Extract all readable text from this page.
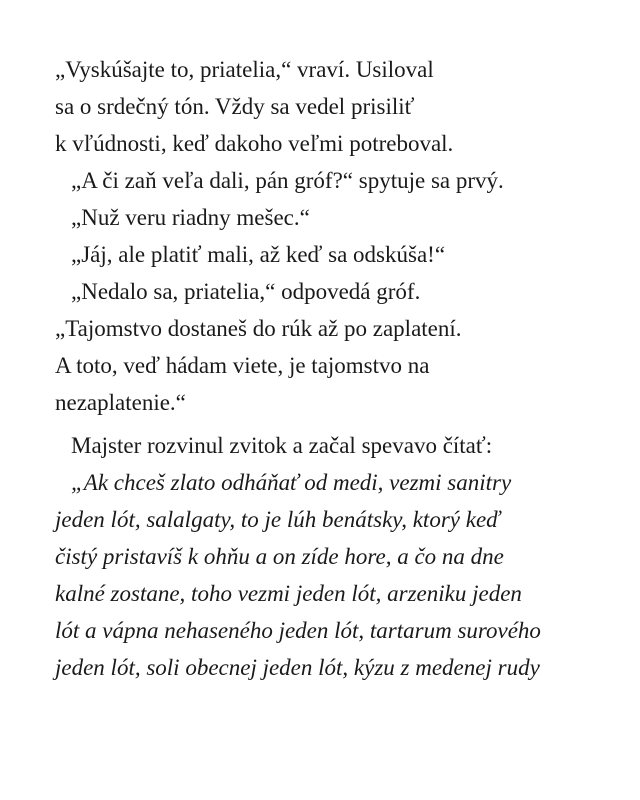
„Vyskúšajte to, priatelia,“ vraví. Usiloval
sa o srdečný tón. Vždy sa vedel prisiliť
k vľúdnosti, keď dakoho veľmi potreboval.
„A či zaň veľa dali, pán gróf?“ spytuje sa prvý.
„Nuž veru riadny mešec.“
„Jáj, ale platiť mali, až keď sa odskúša!“
„Nedalo sa, priatelia,“ odpovedá gróf.
„Tajomstvo dostaneš do rúk až po zaplatení.
A toto, veď hádam viete, je tajomstvo na
nezaplatenie.“
Majster rozvinul zvitok a začal spevavo čítať:
„Ak chceš zlato odháňať od medi, vezmi sanitry
jeden lót, salalgaty, to je lúh benátsky, ktorý keď
čistý pristavíš k ohňu a on zíde hore, a čo na dne
kalné zostane, toho vezmi jeden lót, arzeniku jeden
lót a vápna nehaseného jeden lót, tartarum surového
jeden lót, soli obecnej jeden lót, kýzu z medenej rudy
